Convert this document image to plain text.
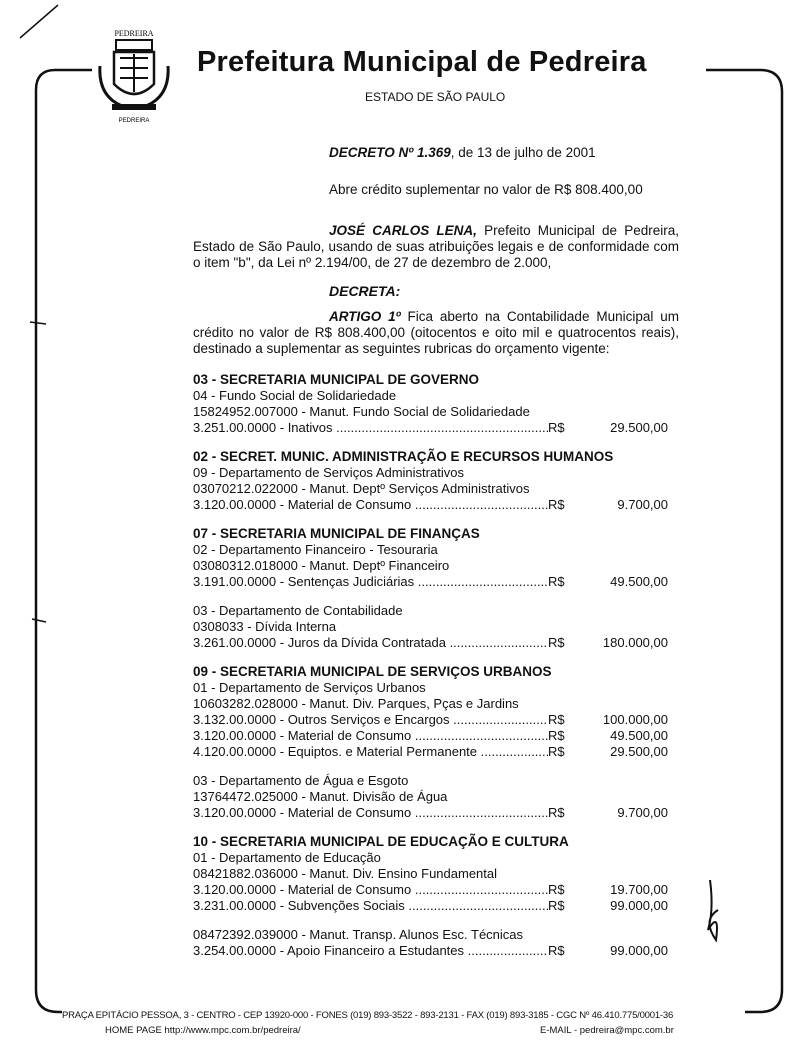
PEDREIRA
PEDREIRA
Prefeitura Municipal de Pedreira
ESTADO DE SÃO PAULO
DECRETO Nº 1.369, de 13 de julho de 2001
Abre crédito suplementar no valor de R$ 808.400,00
JOSÉ CARLOS LENA, Prefeito Municipal de Pedreira, Estado de São Paulo, usando de suas atribuições legais e de conformidade com o item "b", da Lei nº 2.194/00, de 27 de dezembro de 2.000,
DECRETA:
ARTIGO 1º Fica aberto na Contabilidade Municipal um crédito no valor de R$ 808.400,00 (oitocentos e oito mil e quatrocentos reais), destinado a suplementar as seguintes rubricas do orçamento vigente:
03 - SECRETARIA MUNICIPAL DE GOVERNO
04 - Fundo Social de Solidariedade
15824952.007000 - Manut. Fundo Social de Solidariedade
3.251.00.0000 - Inativos .....	R$	29.500,00
02 - SECRET. MUNIC. ADMINISTRAÇÃO E RECURSOS HUMANOS
09 - Departamento de Serviços Administrativos
03070212.022000 - Manut. Deptº Serviços Administrativos
3.120.00.0000 - Material de Consumo .....	R$	9.700,00
07 - SECRETARIA MUNICIPAL DE FINANÇAS
02 - Departamento Financeiro - Tesouraria
03080312.018000 - Manut. Deptº Financeiro
3.191.00.0000 - Sentenças Judiciárias .....	R$	49.500,00
03 - Departamento de Contabilidade
0308033 - Dívida Interna
3.261.00.0000 - Juros da Dívida Contratada .....	R$	180.000,00
09 - SECRETARIA MUNICIPAL DE SERVIÇOS URBANOS
01 - Departamento de Serviços Urbanos
10603282.028000 - Manut. Div. Parques, Pças e Jardins
3.132.00.0000 - Outros Serviços e Encargos .....	R$	100.000,00
3.120.00.0000 - Material de Consumo .....	R$	49.500,00
4.120.00.0000 - Equiptos. e Material Permanente .....	R$	29.500,00
03 - Departamento de Água e Esgoto
13764472.025000 - Manut. Divisão de Água
3.120.00.0000 - Material de Consumo .....	R$	9.700,00
10 - SECRETARIA MUNICIPAL DE EDUCAÇÃO E CULTURA
01 - Departamento de Educação
08421882.036000 - Manut. Div. Ensino Fundamental
3.120.00.0000 - Material de Consumo .....	R$	19.700,00
3.231.00.0000 - Subvenções Sociais .....	R$	99.000,00
08472392.039000 - Manut. Transp. Alunos Esc. Técnicas
3.254.00.0000 - Apoio Financeiro a Estudantes .....	R$	99.000,00
PRAÇA EPITÁCIO PESSOA, 3 - CENTRO - CEP 13920-000 - FONES (019) 893-3522 - 893-2131 - FAX (019) 893-3185 - CGC Nº 46.410.775/0001-36
HOME PAGE http://www.mpc.com.br/pedreira/	E-MAIL - pedreira@mpc.com.br
